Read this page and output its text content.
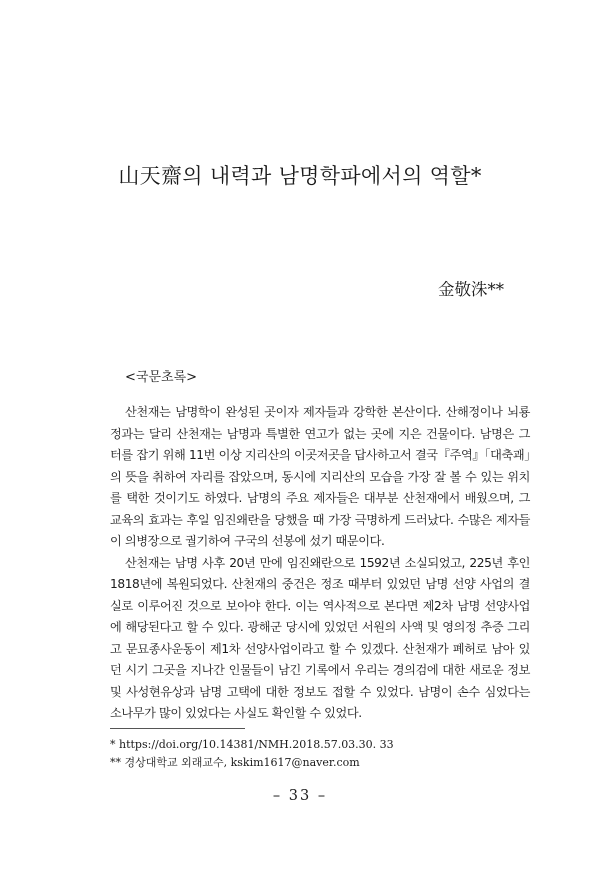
山天齋의 내력과 남명학파에서의 역할*
金敬洙**
<국문초록>

산천재는 남명학이 완성된 곳이자 제자들과 강학한 본산이다. 산해정이나 뇌룡정과는 달리 산천재는 남명과 특별한 연고가 없는 곳에 지은 건물이다. 남명은 그 터를 잡기 위해 11번 이상 지리산의 이곳저곳을 답사하고서 결국『주역』「대축괘」의 뜻을 취하여 자리를 잡았으며, 동시에 지리산의 모습을 가장 잘 볼 수 있는 위치를 택한 것이기도 하였다. 남명의 주요 제자들은 대부분 산천재에서 배웠으며, 그 교육의 효과는 후일 임진왜란을 당했을 때 가장 극명하게 드러났다. 수많은 제자들이 의병장으로 궐기하여 구국의 선봉에 섰기 때문이다.

산천재는 남명 사후 20년 만에 임진왜란으로 1592년 소실되었고, 225년 후인 1818년에 복원되었다. 산천재의 중건은 정조 때부터 있었던 남명 선양 사업의 결실로 이루어진 것으로 보아야 한다. 이는 역사적으로 본다면 제2차 남명 선양사업에 해당된다고 할 수 있다. 광해군 당시에 있었던 서원의 사액 및 영의정 추증 그리고 문묘종사운동이 제1차 선양사업이라고 할 수 있겠다. 산천재가 폐허로 남아 있던 시기 그곳을 지나간 인물들이 남긴 기록에서 우리는 경의검에 대한 새로운 정보 및 사성현유상과 남명 고택에 대한 정보도 접할 수 있었다. 남명이 손수 심었다는 소나무가 많이 있었다는 사실도 확인할 수 있었다.

* https://doi.org/10.14381/NMH.2018.57.03.30. 33
** 경상대학교 외래교수, kskim1617@naver.com
– 33 –
